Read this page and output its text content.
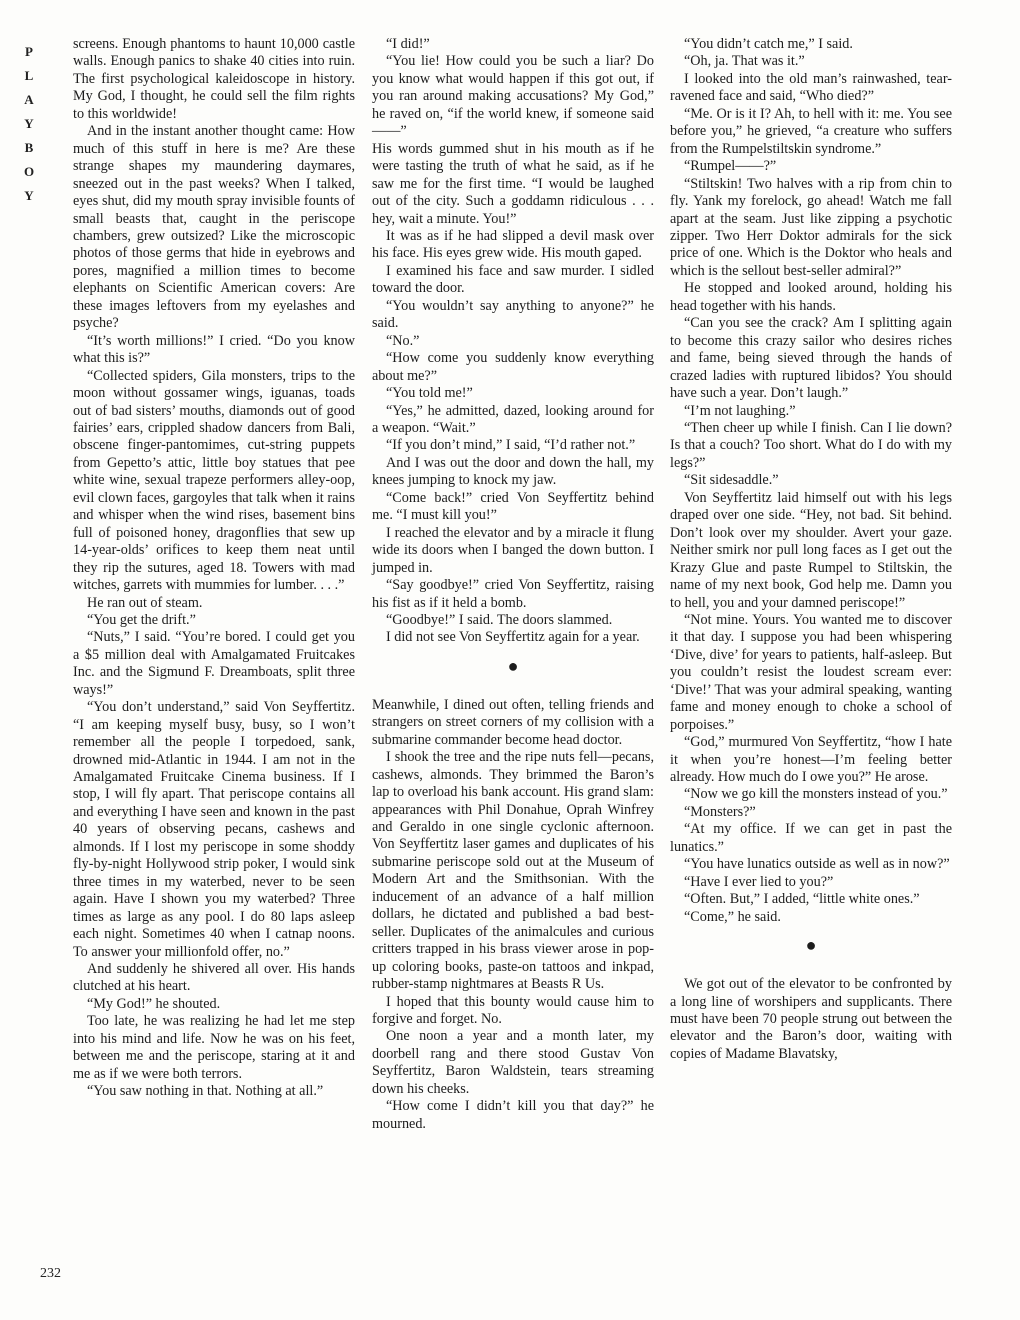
P
L
A
Y
B
O
Y

screens. Enough phantoms to haunt 10,000 castle walls. Enough panics to shake 40 cities into ruin. The first psychological kaleidoscope in history. My God, I thought, he could sell the film rights to this worldwide!

And in the instant another thought came: How much of this stuff in here is me? Are these strange shapes my maundering daymares, sneezed out in the past weeks? When I talked, eyes shut, did my mouth spray invisible founts of small beasts that, caught in the periscope chambers, grew outsized? Like the microscopic photos of those germs that hide in eyebrows and pores, magnified a million times to become elephants on Scientific American covers: Are these images leftovers from my eyelashes and psyche?

“It’s worth millions!” I cried. “Do you know what this is?”

“Collected spiders, Gila monsters, trips to the moon without gossamer wings, iguanas, toads out of bad sisters’ mouths, diamonds out of good fairies’ ears, crippled shadow dancers from Bali, obscene finger-pantomimes, cut-string puppets from Gepetto’s attic, little boy statues that pee white wine, sexual trapeze performers alley-oop, evil clown faces, gargoyles that talk when it rains and whisper when the wind rises, basement bins full of poisoned honey, dragonflies that sew up 14-year-olds’ orifices to keep them neat until they rip the sutures, aged 18. Towers with mad witches, garrets with mummies for lumber. . . .”

He ran out of steam.

“You get the drift.”

“Nuts,” I said. “You’re bored. I could get you a $5 million deal with Amalgamated Fruitcakes Inc. and the Sigmund F. Dreamboats, split three ways!”

“You don’t understand,” said Von Seyffertitz. “I am keeping myself busy, busy, so I won’t remember all the people I torpedoed, sank, drowned mid-Atlantic in 1944. I am not in the Amalgamated Fruitcake Cinema business. If I stop, I will fly apart. That periscope contains all and everything I have seen and known in the past 40 years of observing pecans, cashews and almonds. If I lost my periscope in some shoddy fly-by-night Hollywood strip poker, I would sink three times in my waterbed, never to be seen again. Have I shown you my waterbed? Three times as large as any pool. I do 80 laps asleep each night. Sometimes 40 when I catnap noons. To answer your millionfold offer, no.”

And suddenly he shivered all over. His hands clutched at his heart.

“My God!” he shouted.

Too late, he was realizing he had let me step into his mind and life. Now he was on his feet, between me and the periscope, staring at it and me as if we were both terrors.

“You saw nothing in that. Nothing at all.”

“I did!”

“You lie! How could you be such a liar? Do you know what would happen if this got out, if you ran around making accusations? My God,” he raved on, “if the world knew, if someone said——”

His words gummed shut in his mouth as if he were tasting the truth of what he said, as if he saw me for the first time. “I would be laughed out of the city. Such a goddamn ridiculous . . . hey, wait a minute. You!”

It was as if he had slipped a devil mask over his face. His eyes grew wide. His mouth gaped.

I examined his face and saw murder. I sidled toward the door.

“You wouldn’t say anything to anyone?” he said.

“No.”

“How come you suddenly know everything about me?”

“You told me!”

“Yes,” he admitted, dazed, looking around for a weapon. “Wait.”

“If you don’t mind,” I said, “I’d rather not.”

And I was out the door and down the hall, my knees jumping to knock my jaw.

“Come back!” cried Von Seyffertitz behind me. “I must kill you!”

I reached the elevator and by a miracle it flung wide its doors when I banged the down button. I jumped in.

“Say goodbye!” cried Von Seyffertitz, raising his fist as if it held a bomb.

“Goodbye!” I said. The doors slammed.

I did not see Von Seyffertitz again for a year.

●

Meanwhile, I dined out often, telling friends and strangers on street corners of my collision with a submarine commander become head doctor.

I shook the tree and the ripe nuts fell—pecans, cashews, almonds. They brimmed the Baron’s lap to overload his bank account. His grand slam: appearances with Phil Donahue, Oprah Winfrey and Geraldo in one single cyclonic afternoon. Von Seyffertitz laser games and duplicates of his submarine periscope sold out at the Museum of Modern Art and the Smithsonian. With the inducement of an advance of a half million dollars, he dictated and published a bad best-seller. Duplicates of the animalcules and curious critters trapped in his brass viewer arose in pop-up coloring books, paste-on tattoos and inkpad, rubber-stamp nightmares at Beasts R Us.

I hoped that this bounty would cause him to forgive and forget. No.

One noon a year and a month later, my doorbell rang and there stood Gustav Von Seyffertitz, Baron Waldstein, tears streaming down his cheeks.

“How come I didn’t kill you that day?” he mourned.

“You didn’t catch me,” I said.

“Oh, ja. That was it.”

I looked into the old man’s rainwashed, tear-ravened face and said, “Who died?”

“Me. Or is it I? Ah, to hell with it: me. You see before you,” he grieved, “a creature who suffers from the Rumpelstiltskin syndrome.”

“Rumpel——?”

“Stiltskin! Two halves with a rip from chin to fly. Yank my forelock, go ahead! Watch me fall apart at the seam. Just like zipping a psychotic zipper. Two Herr Doktor admirals for the sick price of one. Which is the Doktor who heals and which is the sellout best-seller admiral?”

He stopped and looked around, holding his head together with his hands.

“Can you see the crack? Am I splitting again to become this crazy sailor who desires riches and fame, being sieved through the hands of crazed ladies with ruptured libidos? You should have such a year. Don’t laugh.”

“I’m not laughing.”

“Then cheer up while I finish. Can I lie down? Is that a couch? Too short. What do I do with my legs?”

“Sit sidesaddle.”

Von Seyffertitz laid himself out with his legs draped over one side. “Hey, not bad. Sit behind. Don’t look over my shoulder. Avert your gaze. Neither smirk nor pull long faces as I get out the Krazy Glue and paste Rumpel to Stiltskin, the name of my next book, God help me. Damn you to hell, you and your damned periscope!”

“Not mine. Yours. You wanted me to discover it that day. I suppose you had been whispering ‘Dive, dive’ for years to patients, half-asleep. But you couldn’t resist the loudest scream ever: ‘Dive!’ That was your admiral speaking, wanting fame and money enough to choke a school of porpoises.”

“God,” murmured Von Seyffertitz, “how I hate it when you’re honest—I’m feeling better already. How much do I owe you?” He arose.

“Now we go kill the monsters instead of you.”

“Monsters?”

“At my office. If we can get in past the lunatics.”

“You have lunatics outside as well as in now?”

“Have I ever lied to you?”

“Often. But,” I added, “little white ones.”

“Come,” he said.

●

We got out of the elevator to be confronted by a long line of worshipers and supplicants. There must have been 70 people strung out between the elevator and the Baron’s door, waiting with copies of Madame Blavatsky,

232
